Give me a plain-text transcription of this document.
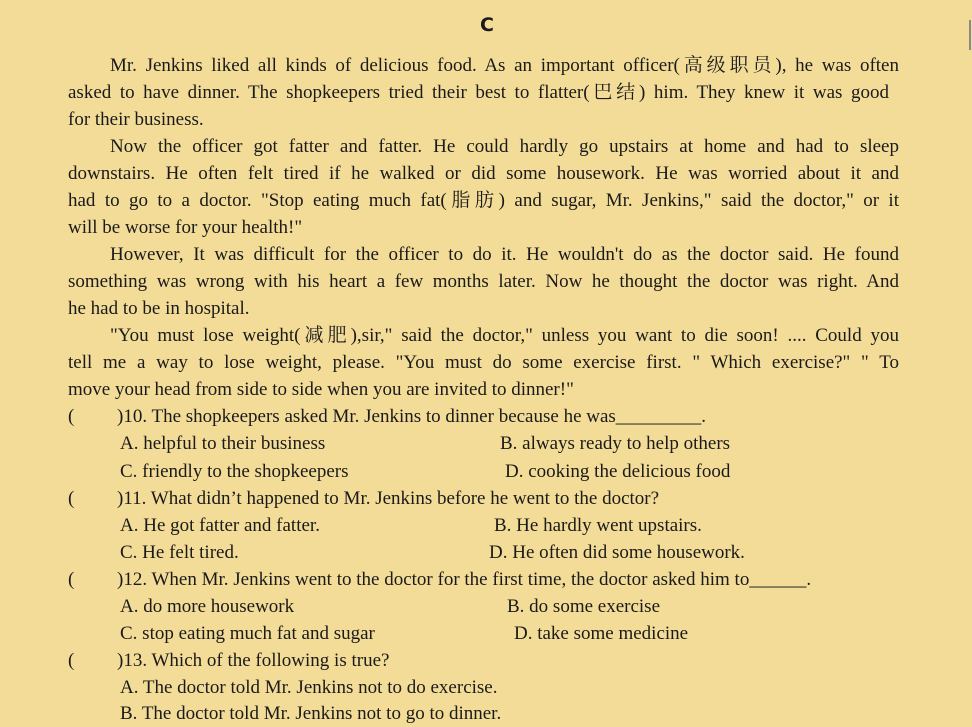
C
Mr. Jenkins liked all kinds of delicious food. As an important officer(高级职员), he was often
asked to have dinner. The shopkeepers tried their best to flatter(巴结) him. They knew it was good
for their business.
Now the officer got fatter and fatter. He could hardly go upstairs at home and had to sleep
downstairs. He often felt tired if he walked or did some housework. He was worried about it and
had to go to a doctor. "Stop eating much fat(脂肪) and sugar, Mr. Jenkins," said the doctor," or it
will be worse for your health!"
However, It was difficult for the officer to do it. He wouldn't do as the doctor said. He found
something was wrong with his heart a few months later. Now he thought the doctor was right. And
he had to be in hospital.
"You must lose weight(减肥),sir," said the doctor," unless you want to die soon! .... Could you
tell me a way to lose weight, please. "You must do some exercise first. " Which exercise?" " To
move your head from side to side when you are invited to dinner!"
( )10. The shopkeepers asked Mr. Jenkins to dinner because he was_________.
A. helpful to their business	B. always ready to help others
C. friendly to the shopkeepers	D. cooking the delicious food
( )11. What didn’t happened to Mr. Jenkins before he went to the doctor?
A. He got fatter and fatter.	B. He hardly went upstairs.
C. He felt tired.	D. He often did some housework.
( )12. When Mr. Jenkins went to the doctor for the first time, the doctor asked him to______.
A. do more housework	B. do some exercise
C. stop eating much fat and sugar	D. take some medicine
( )13. Which of the following is true?
A. The doctor told Mr. Jenkins not to do exercise.
B. The doctor told Mr. Jenkins not to go to dinner.
